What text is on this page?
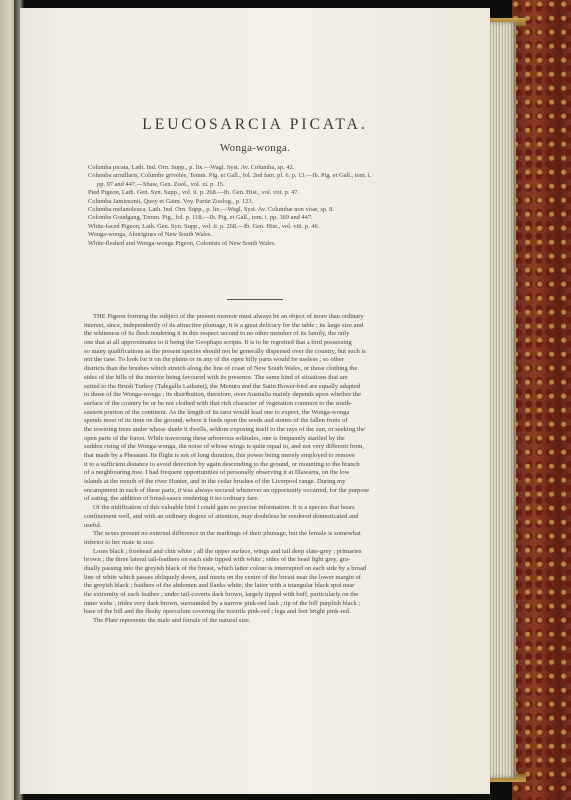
LEUCOSARCIA PICATA.
Wonga-wonga.
Columba picata, Lath. Ind. Orn. Supp., p. lix.—Wagl. Syst. Av. Columba, sp. 42.
Columba armillaris, Columbe grivelée, Temm. Pig. et Gall., fol. 2nd fam. pl. 6. p. 13.—Ib. Pig. et Gall., tom. i.
pp. 97 and 447.—Shaw, Gen. Zool., vol. xi. p. 15.
Pied Pigeon, Lath. Gen. Syn. Supp., vol. ii. p. 268.—Ib. Gen. Hist., vol. viii. p. 47.
Columba Jamiesonii, Quoy et Gaim. Voy. Partie Zoolog., p. 123.
Columba melanoleuca, Lath. Ind. Orn. Supp., p. lix.—Wagl. Syst. Av. Columbæ non visæ, sp. 8.
Colombe Goudgang, Temm. Pig., fol. p. 118.—Ib. Pig. et Gall., tom. i. pp. 369 and 447.
White-faced Pigeon, Lath. Gen. Syn. Supp., vol. ii. p. 268.—Ib. Gen. Hist., vol. viii. p. 46.
Wonga-wonga, Aborigines of New South Wales.
White-fleshed and Wonga-wonga Pigeon, Colonists of New South Wales.
THE Pigeon forming the subject of the present memoir must always be an object of more than ordinary
interest, since, independently of its attractive plumage, it is a great delicacy for the table ; its large size and
the whiteness of its flesh rendering it in this respect second to no other member of its family, the only
one that at all approximates to it being the Geophaps scripta. It is to be regretted that a bird possessing
so many qualifications as the present species should not be generally dispersed over the country, but such is
not the case. To look for it on the plains or in any of the open hilly parts would be useless ; so other
districts than the brushes which stretch along the line of coast of New South Wales, or those clothing the
sides of the hills of the interior being favoured with its presence. The same kind of situations that are
suited to the Brush Turkey (Talegalla Lathami), the Menura and the Satin Bower-bird are equally adapted
to those of the Wonga-wonga ; its distribution, therefore, over Australia mainly depends upon whether the
surface of the country be or be not clothed with that rich character of vegetation common to the south-
eastern portion of the continent. As the length of its tarsi would lead one to expect, the Wonga-wonga
spends most of its time on the ground, where it feeds upon the seeds and stones of the fallen fruits of
the towering trees under whose shade it dwells, seldom exposing itself to the rays of the sun, or seeking the
open parts of the forest. While traversing these arboreous solitudes, one is frequently startled by the
sudden rising of the Wonga-wonga, the noise of whose wings is quite equal to, and not very different from,
that made by a Pheasant. Its flight is not of long duration, this power being merely employed to remove
it to a sufficient distance to avoid detection by again descending to the ground, or mounting to the branch
of a neighbouring tree. I had frequent opportunities of personally observing it at Illawarra, on the low
islands at the mouth of the river Hunter, and in the cedar brushes of the Liverpool range. During my
encampment in each of these parts, it was always secured whenever an opportunity occurred, for the purpose
of eating, the addition of bread-sauce rendering it no ordinary fare.
Of the nidification of this valuable bird I could gain no precise information. It is a species that bears
confinement well, and with an ordinary degree of attention, may doubtless be rendered domesticated and
useful.
The sexes present no external difference in the markings of their plumage, but the female is somewhat
inferior to her mate in size.
Lores black ; forehead and chin white ; all the upper surface, wings and tail deep slate-grey ; primaries
brown ; the three lateral tail-feathers on each side tipped with white ; sides of the head light grey, gra-
dually passing into the greyish black of the breast, which latter colour is interrupted on each side by a broad
line of white which passes obliquely down, and meets on the centre of the breast near the lower margin of
the greyish black ; feathers of the abdomen and flanks white, the latter with a triangular black spot near
the extremity of each feather ; under tail-coverts dark brown, largely tipped with buff, particularly on the
inner webs ; irides very dark brown, surrounded by a narrow pink-red lash ; tip of the bill purplish black ;
base of the bill and the fleshy operculum covering the nostrils pink-red ; legs and feet bright pink-red.
The Plate represents the male and female of the natural size.
